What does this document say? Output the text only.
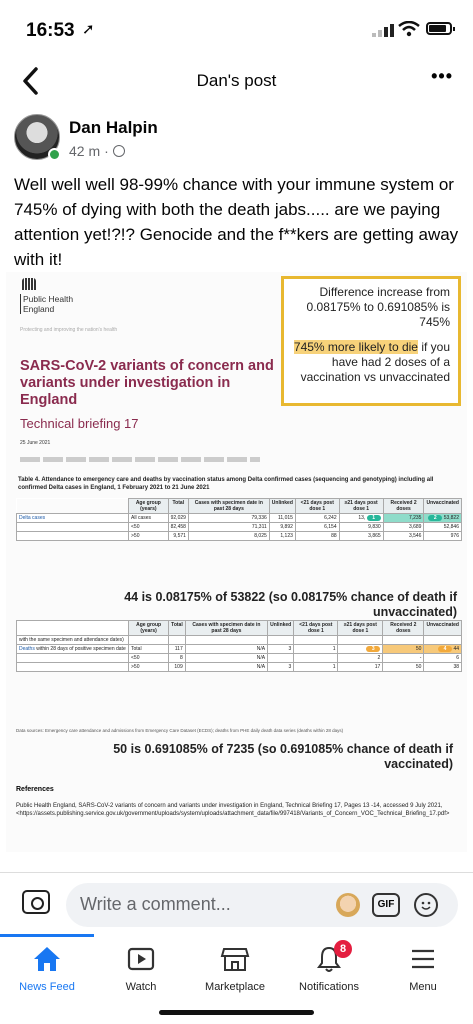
16:53 ➚
Dan's post	•••
Dan Halpin
42 m ·
Well well well 98-99% chance with your immune system or 745% of dying with both the death jabs..... are we paying attention yet!?!? Genocide and the f**kers are getting away with it!
Public Health
England
Protecting and improving the nation's health
SARS-CoV-2 variants of concern and variants under investigation in England
Technical briefing 17
25 June 2021

Difference increase from 0.08175% to 0.691085% is 745%

745% more likely to die if you have had 2 doses of a vaccination vs unvaccinated

Table 4. Attendance to emergency care and deaths by vaccination status among Delta confirmed cases (sequencing and genotyping) including all confirmed Delta cases in England, 1 February 2021 to 21 June 2021
	Age group (years)	Total	Cases with specimen date in past 28 days	Unlinked	<21 days post dose 1	≥21 days post dose 1	Received 2 doses	Unvaccinated
Delta cases	All cases	92,029	79,336	11,015	6,242	13, 1	7,235	2 53,822
	<50	82,458	71,311	9,892	6,154	9,830	3,689	52,846
	>50	9,571	8,025	1,123	88	3,865	3,546	976
44 is 0.08175% of 53822 (so 0.08175% chance of death if
unvaccinated)
	Age group (years)	Total	Cases with specimen date in past 28 days	Unlinked	<21 days post dose 1	≥21 days post dose 1	Received 2 doses	Unvaccinated
with the same specimen and attendance dates)								
Deaths within 28 days of positive specimen date	Total	117	N/A	3	1	3	50	4 44
	<50	8	N/A			2	-	6
	>50	109	N/A	3	1	17	50	38
Data sources: Emergency care attendance and admissions from Emergency Care Dataset (ECDS); deaths from PHE daily death data series (deaths within 28 days)
50 is 0.691085% of 7235 (so 0.691085% chance of death if
vaccinated)
References
Public Health England, SARS-CoV-2 variants of concern and variants under investigation in England, Technical Briefing 17, Pages 13 -14, accessed 9 July 2021, <https://assets.publishing.service.gov.uk/government/uploads/system/uploads/attachment_data/file/997418/Variants_of_Concern_VOC_Technical_Briefing_17.pdf>
Write a comment...	GIF
News Feed	Watch	Marketplace
8
Notifications	Menu
